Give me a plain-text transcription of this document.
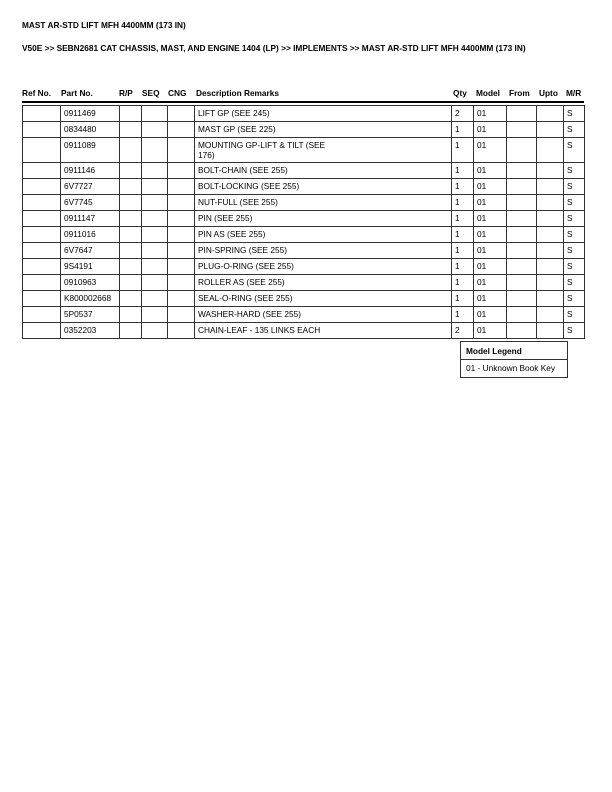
MAST AR-STD LIFT MFH 4400MM (173 IN)
V50E >> SEBN2681 CAT CHASSIS, MAST, AND ENGINE 1404 (LP) >> IMPLEMENTS >> MAST AR-STD LIFT MFH 4400MM (173 IN)
Ref No. Part No.	R/P SEQ CNG Description Remarks	Qty Model From Upto M/R
	0911469				LIFT GP (SEE 245)	2	01			S
	0834480				MAST GP (SEE 225)	1	01			S
	0911089				MOUNTING GP-LIFT & TILT (SEE
176)	1	01			S
	0911146				BOLT-CHAIN (SEE 255)	1	01			S
	6V7727				BOLT-LOCKING (SEE 255)	1	01			S
	6V7745				NUT-FULL (SEE 255)	1	01			S
	0911147				PIN (SEE 255)	1	01			S
	0911016				PIN AS (SEE 255)	1	01			S
	6V7647				PIN-SPRING (SEE 255)	1	01			S
	9S4191				PLUG-O-RING (SEE 255)	1	01			S
	0910963				ROLLER AS (SEE 255)	1	01			S
	K800002668				SEAL-O-RING (SEE 255)	1	01			S
	5P0537				WASHER-HARD (SEE 255)	1	01			S
	0352203				CHAIN-LEAF - 135 LINKS EACH	2	01			S
Model Legend
01 - Unknown Book Key
